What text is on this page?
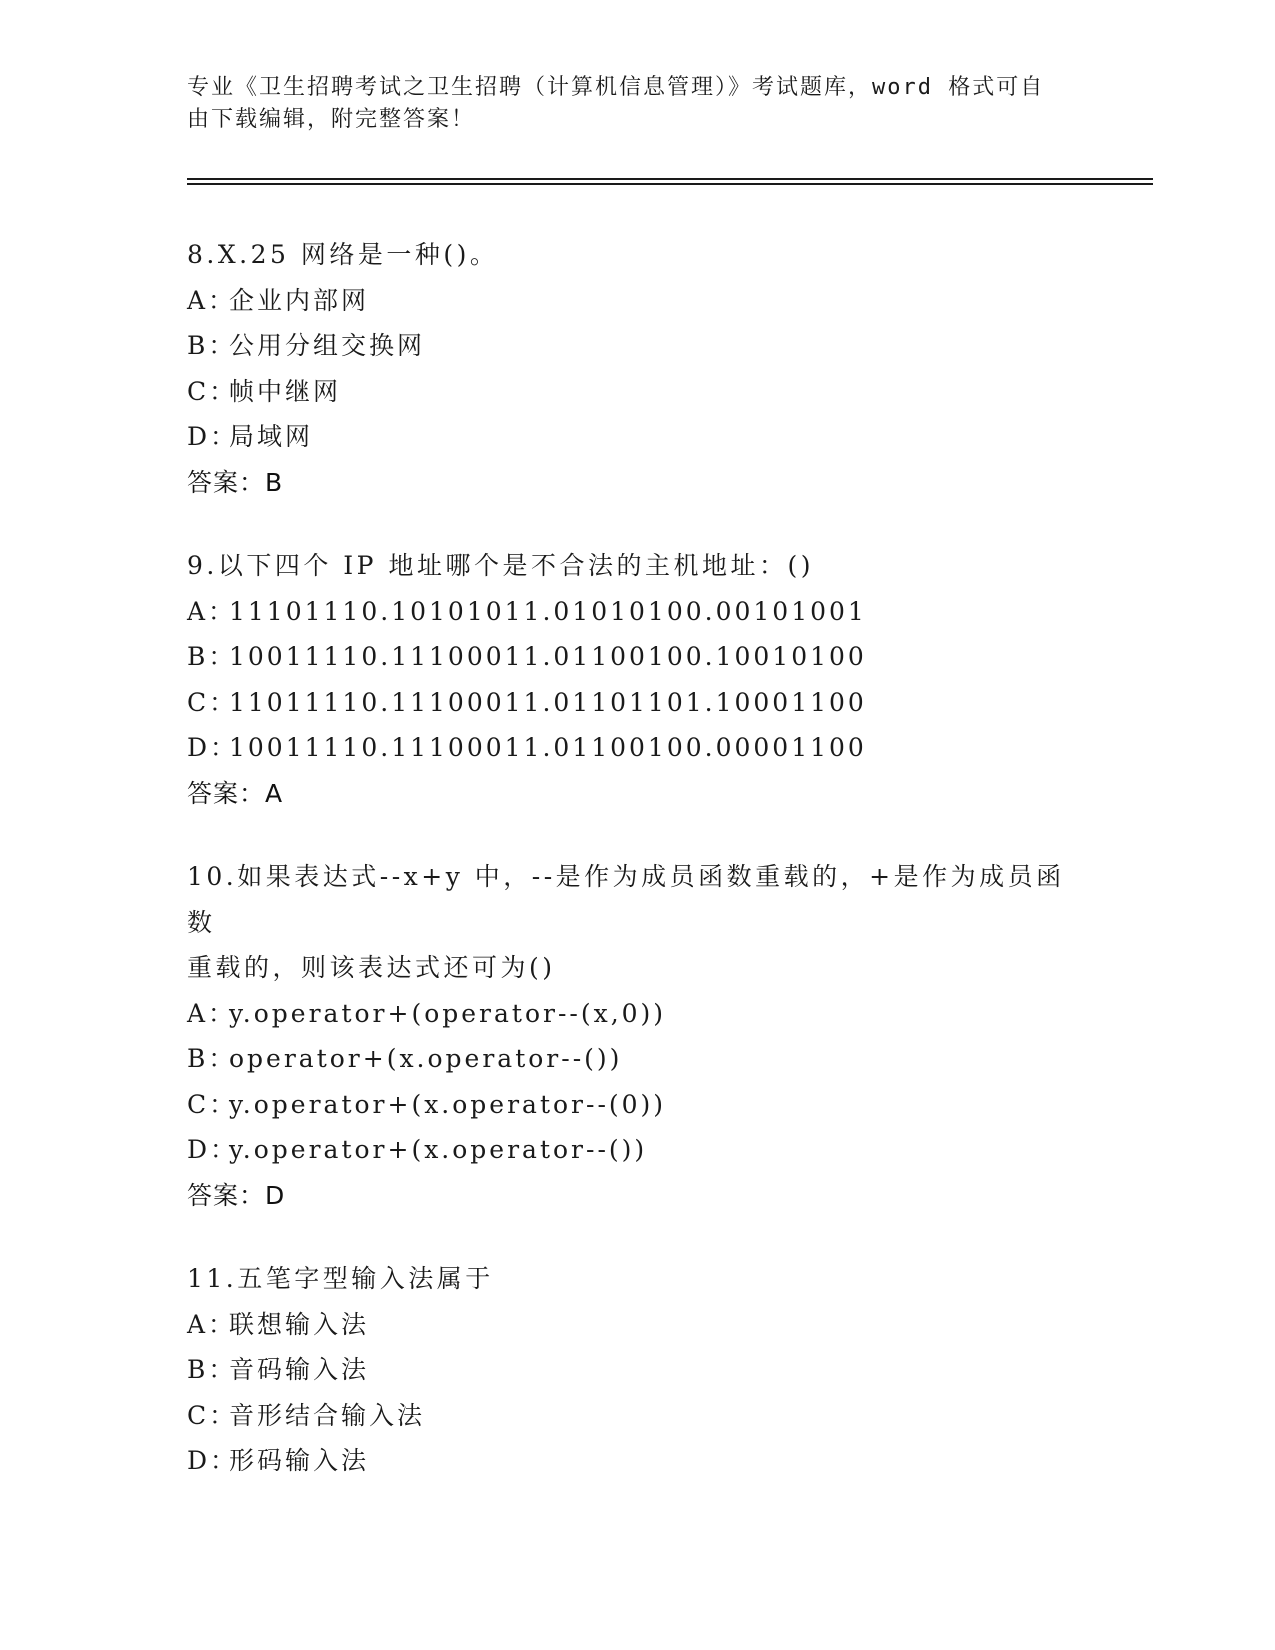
专业《卫生招聘考试之卫生招聘（计算机信息管理）》考试题库，word 格式可自
由下载编辑，附完整答案！
8.X.25 网络是一种()。
A：
企业内部网
B：
公用分组交换网
C：
帧中继网
D：
局域网
答案：B
9.以下四个 IP 地址哪个是不合法的主机地址：()
A：
11101110.10101011.01010100.00101001
B：
10011110.11100011.01100100.10010100
C：
11011110.11100011.01101101.10001100
D：
10011110.11100011.01100100.00001100
答案：A
10.如果表达式--x+y 中，--是作为成员函数重载的，+是作为成员函数
重载的，则该表达式还可为()
A：
y.operator+(operator--(x,0))
B：
operator+(x.operator--())
C：
y.operator+(x.operator--(0))
D：
y.operator+(x.operator--())
答案：D
11.五笔字型输入法属于
A：
联想输入法
B：
音码输入法
C：
音形结合输入法
D：
形码输入法
